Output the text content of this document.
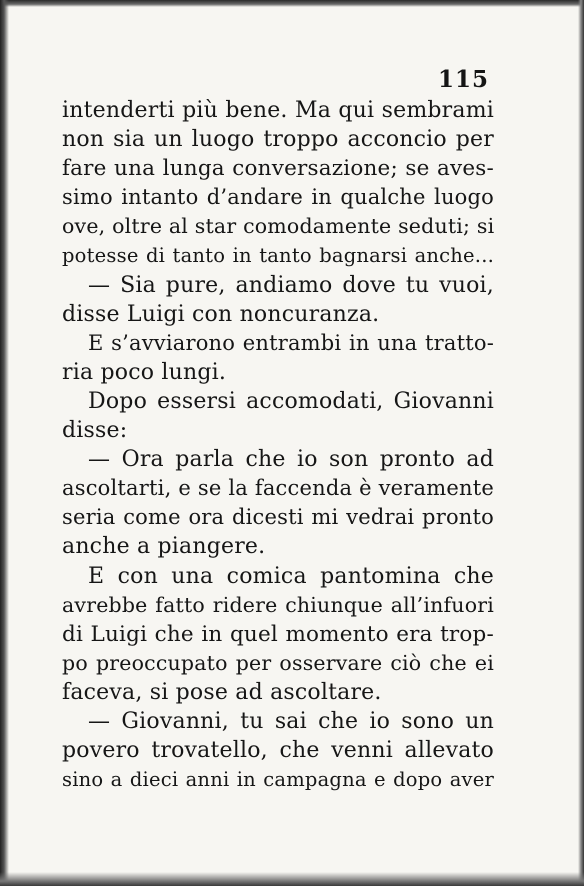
115
intenderti più bene. Ma qui sembrami
non sia un luogo troppo acconcio per
fare una lunga conversazione; se aves-
simo intanto d’andare in qualche luogo
ove, oltre al star comodamente seduti; si
potesse di tanto in tanto bagnarsi anche...
— Sia pure, andiamo dove tu vuoi,
disse Luigi con noncuranza.
E s’avviarono entrambi in una tratto-
ria poco lungi.
Dopo essersi accomodati, Giovanni
disse:
— Ora parla che io son pronto ad
ascoltarti, e se la faccenda è veramente
seria come ora dicesti mi vedrai pronto
anche a piangere.
E con una comica pantomina che
avrebbe fatto ridere chiunque all’infuori
di Luigi che in quel momento era trop-
po preoccupato per osservare ciò che ei
faceva, si pose ad ascoltare.
— Giovanni, tu sai che io sono un
povero trovatello, che venni allevato
sino a dieci anni in campagna e dopo aver
